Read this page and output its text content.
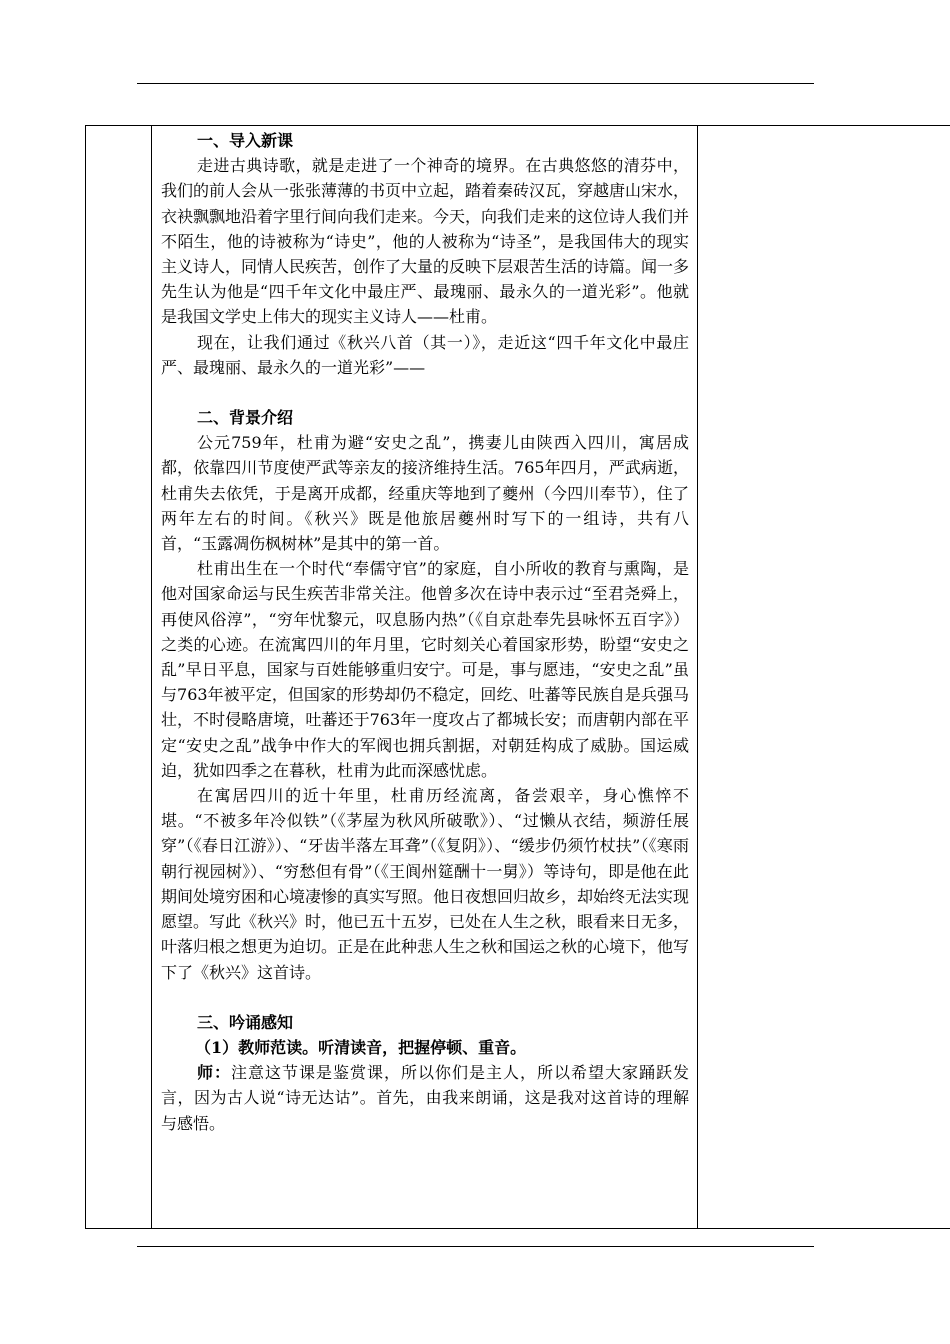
一、导入新课

走进古典诗歌，就是走进了一个神奇的境界。在古典悠悠的清芬中，我们的前人会从一张张薄薄的书页中立起，踏着秦砖汉瓦，穿越唐山宋水，衣袂飘飘地沿着字里行间向我们走来。今天，向我们走来的这位诗人我们并不陌生，他的诗被称为“诗史”，他的人被称为“诗圣”，是我国伟大的现实主义诗人，同情人民疾苦，创作了大量的反映下层艰苦生活的诗篇。闻一多先生认为他是“四千年文化中最庄严、最瑰丽、最永久的一道光彩”。他就是我国文学史上伟大的现实主义诗人——杜甫。

现在，让我们通过《秋兴八首（其一）》，走近这“四千年文化中最庄严、最瑰丽、最永久的一道光彩”——

二、背景介绍

公元759年，杜甫为避“安史之乱”，携妻儿由陕西入四川，寓居成都，依靠四川节度使严武等亲友的接济维持生活。765年四月，严武病逝，杜甫失去依凭，于是离开成都，经重庆等地到了夔州（今四川奉节），住了两年左右的时间。《秋兴》既是他旅居夔州时写下的一组诗，共有八首，“玉露凋伤枫树林”是其中的第一首。

杜甫出生在一个时代“奉儒守官”的家庭，自小所收的教育与熏陶，是他对国家命运与民生疾苦非常关注。他曾多次在诗中表示过“至君尧舜上，再使风俗淳”，“穷年忧黎元，叹息肠内热”（《自京赴奉先县咏怀五百字》）之类的心迹。在流寓四川的年月里，它时刻关心着国家形势，盼望“安史之乱”早日平息，国家与百姓能够重归安宁。可是，事与愿违，“安史之乱”虽与763年被平定，但国家的形势却仍不稳定，回纥、吐蕃等民族自是兵强马壮，不时侵略唐境，吐蕃还于763年一度攻占了都城长安；而唐朝内部在平定“安史之乱”战争中作大的军阀也拥兵割据，对朝廷构成了威胁。国运威迫，犹如四季之在暮秋，杜甫为此而深感忧虑。

在寓居四川的近十年里，杜甫历经流离，备尝艰辛，身心憔悴不堪。“不被多年冷似铁”（《茅屋为秋风所破歌》）、“过懒从衣结，频游任展穿”（《春日江游》）、“牙齿半落左耳聋”（《复阴》）、“缓步仍须竹杖扶”（《寒雨朝行视园树》）、“穷愁但有骨”（《王阆州筵酬十一舅》）等诗句，即是他在此期间处境穷困和心境凄惨的真实写照。他日夜想回归故乡，却始终无法实现愿望。写此《秋兴》时，他已五十五岁，已处在人生之秋，眼看来日无多，叶落归根之想更为迫切。正是在此种悲人生之秋和国运之秋的心境下，他写下了《秋兴》这首诗。

三、吟诵感知

（1）教师范读。听清读音，把握停顿、重音。

师：注意这节课是鉴赏课，所以你们是主人，所以希望大家踊跃发言，因为古人说“诗无达诂”。首先，由我来朗诵，这是我对这首诗的理解与感悟。
